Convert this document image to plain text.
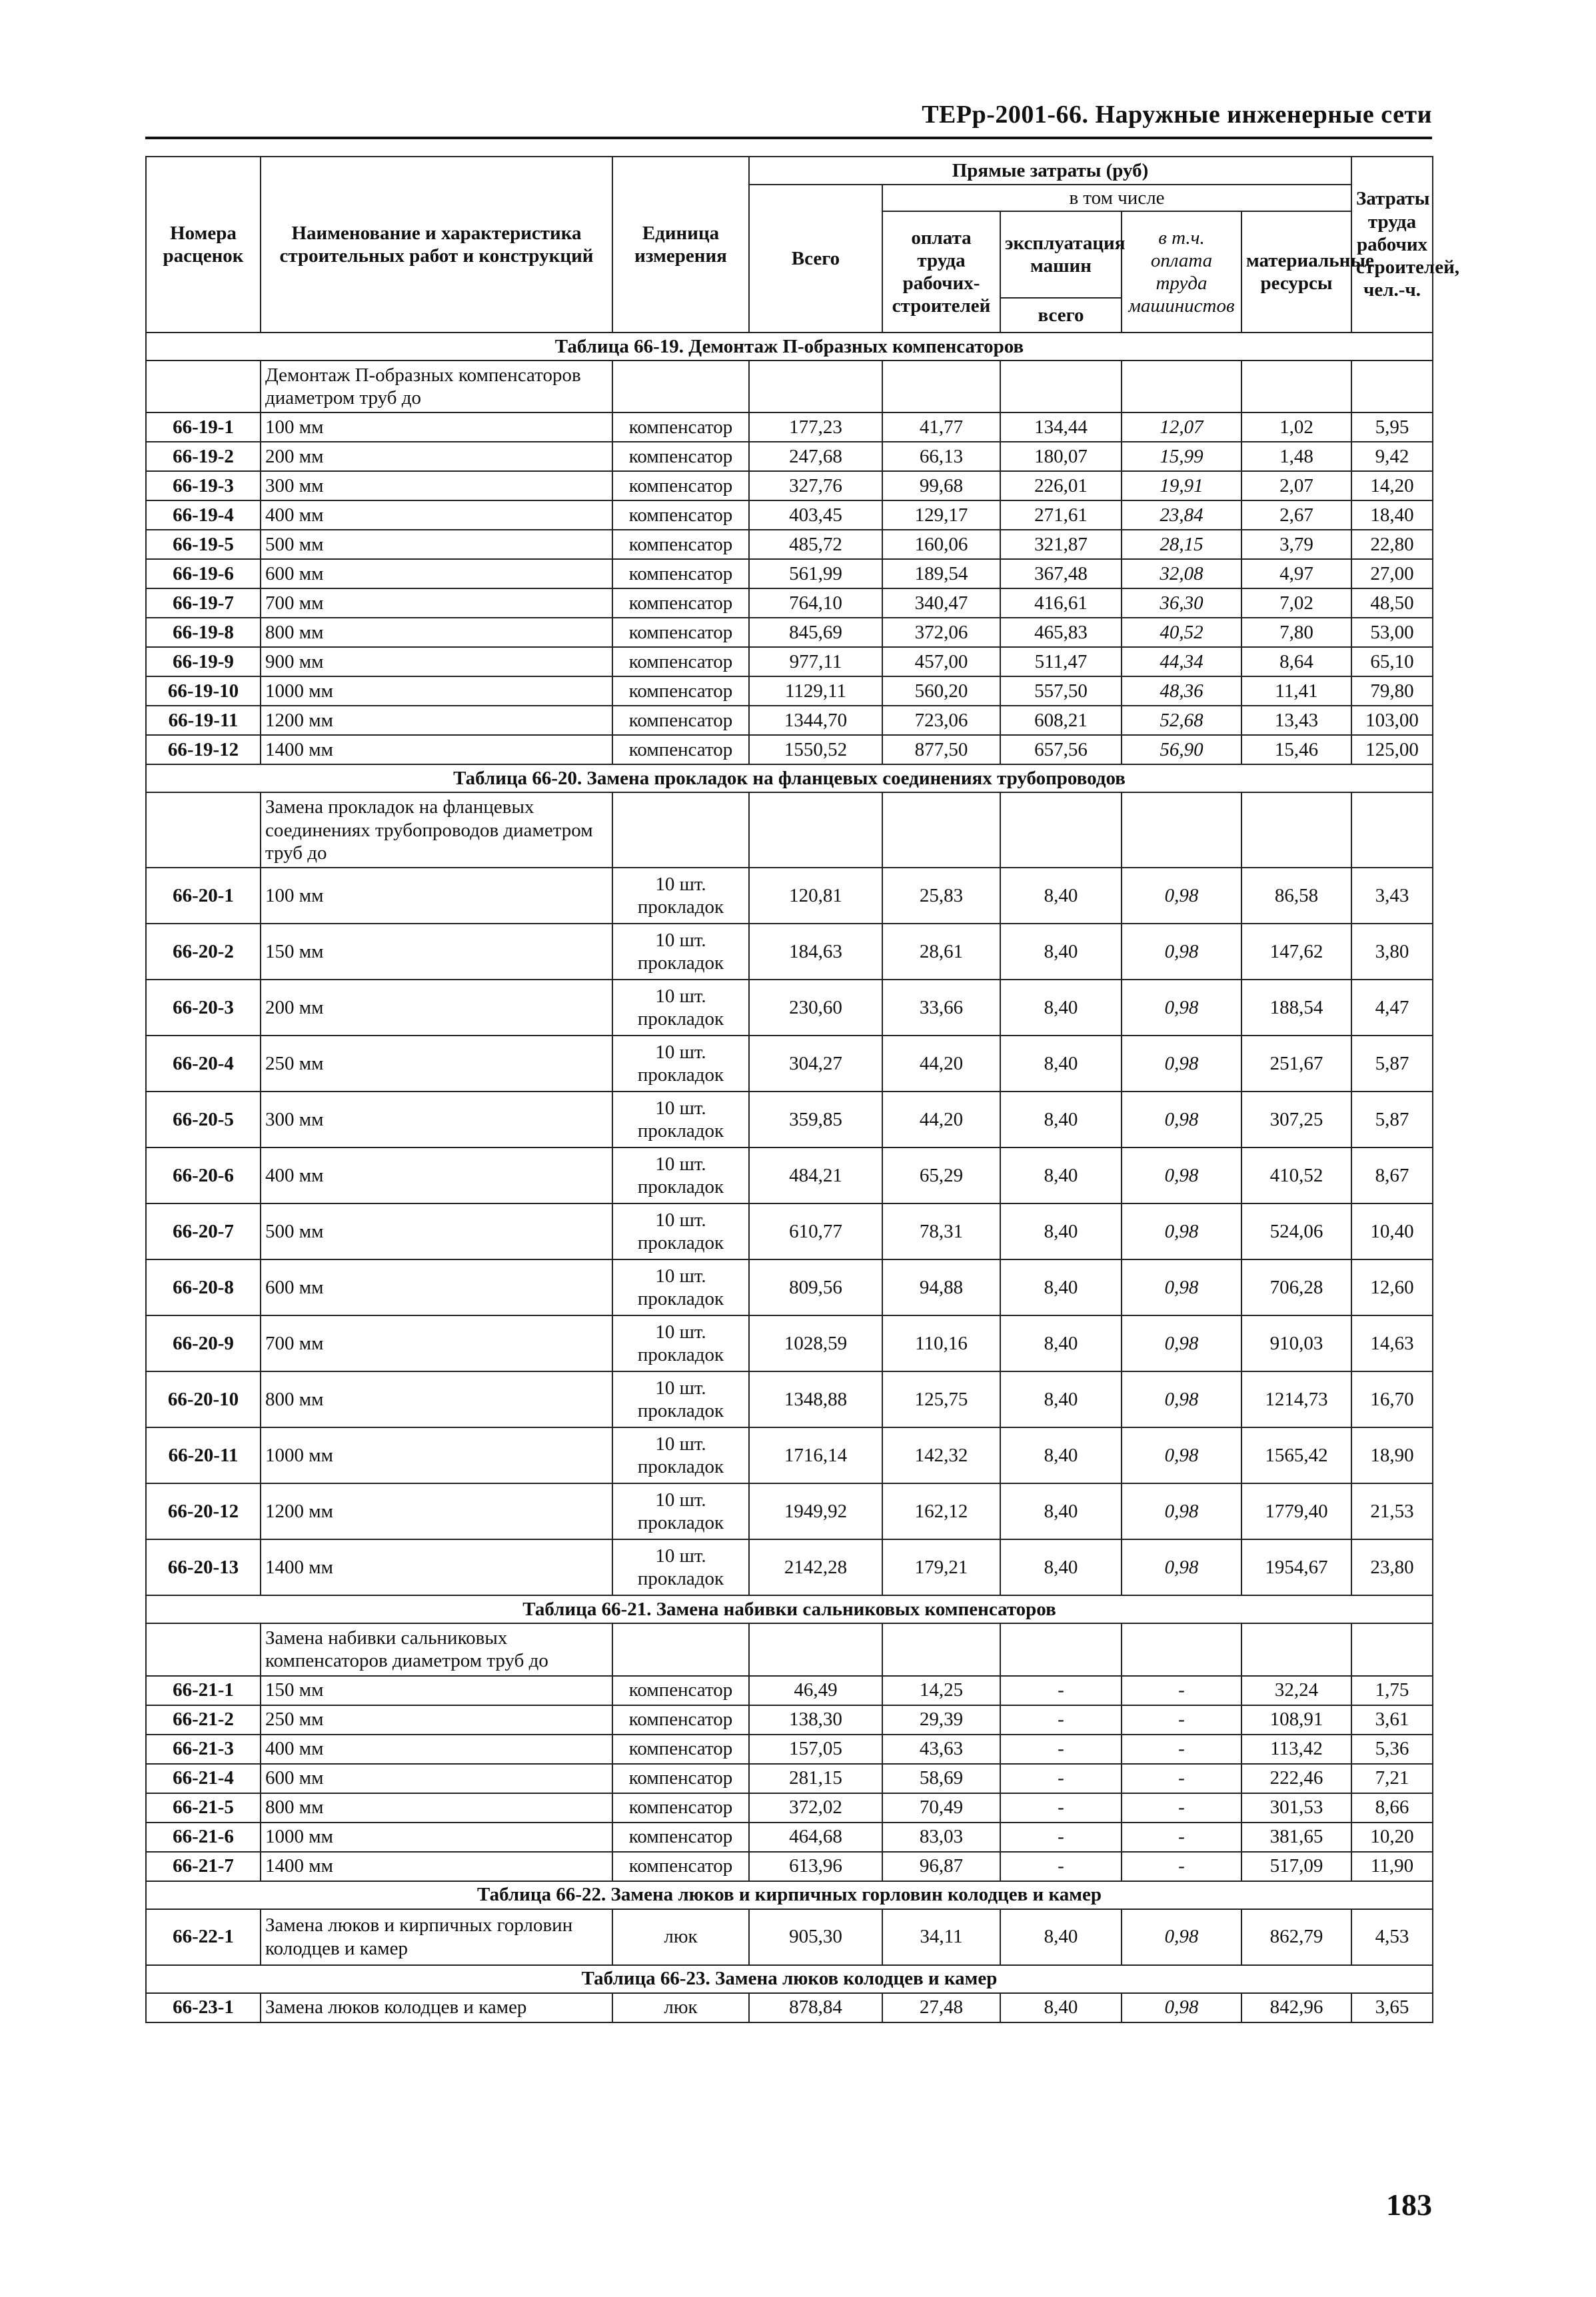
ТЕРр-2001-66. Наружные инженерные сети
Номера расценок	Наименование и характеристика строительных работ и конструкций	Единица измерения	Прямые затраты (руб)					Затраты труда рабочих строителей, чел.-ч.
			Всего	в том числе				
				оплата труда рабочих-строителей	эксплуатация машин	в т.ч. оплата труда машинистов	материальные ресурсы	
					всего			
Таблица 66-19. Демонтаж П-образных компенсаторов								
	Демонтаж П-образных компенсаторов диаметром труб до							
66-19-1	100 мм	компенсатор	177,23	41,77	134,44	12,07	1,02	5,95
66-19-2	200 мм	компенсатор	247,68	66,13	180,07	15,99	1,48	9,42
66-19-3	300 мм	компенсатор	327,76	99,68	226,01	19,91	2,07	14,20
66-19-4	400 мм	компенсатор	403,45	129,17	271,61	23,84	2,67	18,40
66-19-5	500 мм	компенсатор	485,72	160,06	321,87	28,15	3,79	22,80
66-19-6	600 мм	компенсатор	561,99	189,54	367,48	32,08	4,97	27,00
66-19-7	700 мм	компенсатор	764,10	340,47	416,61	36,30	7,02	48,50
66-19-8	800 мм	компенсатор	845,69	372,06	465,83	40,52	7,80	53,00
66-19-9	900 мм	компенсатор	977,11	457,00	511,47	44,34	8,64	65,10
66-19-10	1000 мм	компенсатор	1129,11	560,20	557,50	48,36	11,41	79,80
66-19-11	1200 мм	компенсатор	1344,70	723,06	608,21	52,68	13,43	103,00
66-19-12	1400 мм	компенсатор	1550,52	877,50	657,56	56,90	15,46	125,00
Таблица 66-20. Замена прокладок на фланцевых соединениях трубопроводов								
	Замена прокладок на фланцевых соединениях трубопроводов диаметром труб до							
66-20-1	100 мм	10 шт. прокладок	120,81	25,83	8,40	0,98	86,58	3,43
66-20-2	150 мм	10 шт. прокладок	184,63	28,61	8,40	0,98	147,62	3,80
66-20-3	200 мм	10 шт. прокладок	230,60	33,66	8,40	0,98	188,54	4,47
66-20-4	250 мм	10 шт. прокладок	304,27	44,20	8,40	0,98	251,67	5,87
66-20-5	300 мм	10 шт. прокладок	359,85	44,20	8,40	0,98	307,25	5,87
66-20-6	400 мм	10 шт. прокладок	484,21	65,29	8,40	0,98	410,52	8,67
66-20-7	500 мм	10 шт. прокладок	610,77	78,31	8,40	0,98	524,06	10,40
66-20-8	600 мм	10 шт. прокладок	809,56	94,88	8,40	0,98	706,28	12,60
66-20-9	700 мм	10 шт. прокладок	1028,59	110,16	8,40	0,98	910,03	14,63
66-20-10	800 мм	10 шт. прокладок	1348,88	125,75	8,40	0,98	1214,73	16,70
66-20-11	1000 мм	10 шт. прокладок	1716,14	142,32	8,40	0,98	1565,42	18,90
66-20-12	1200 мм	10 шт. прокладок	1949,92	162,12	8,40	0,98	1779,40	21,53
66-20-13	1400 мм	10 шт. прокладок	2142,28	179,21	8,40	0,98	1954,67	23,80
Таблица 66-21. Замена набивки сальниковых компенсаторов								
	Замена набивки сальниковых компенсаторов диаметром труб до							
66-21-1	150 мм	компенсатор	46,49	14,25	-	-	32,24	1,75
66-21-2	250 мм	компенсатор	138,30	29,39	-	-	108,91	3,61
66-21-3	400 мм	компенсатор	157,05	43,63	-	-	113,42	5,36
66-21-4	600 мм	компенсатор	281,15	58,69	-	-	222,46	7,21
66-21-5	800 мм	компенсатор	372,02	70,49	-	-	301,53	8,66
66-21-6	1000 мм	компенсатор	464,68	83,03	-	-	381,65	10,20
66-21-7	1400 мм	компенсатор	613,96	96,87	-	-	517,09	11,90
Таблица 66-22. Замена люков и кирпичных горловин колодцев и камер								
66-22-1	Замена люков и кирпичных горловин колодцев и камер	люк	905,30	34,11	8,40	0,98	862,79	4,53
Таблица 66-23. Замена люков колодцев и камер								
66-23-1	Замена люков колодцев и камер	люк	878,84	27,48	8,40	0,98	842,96	3,65
183
